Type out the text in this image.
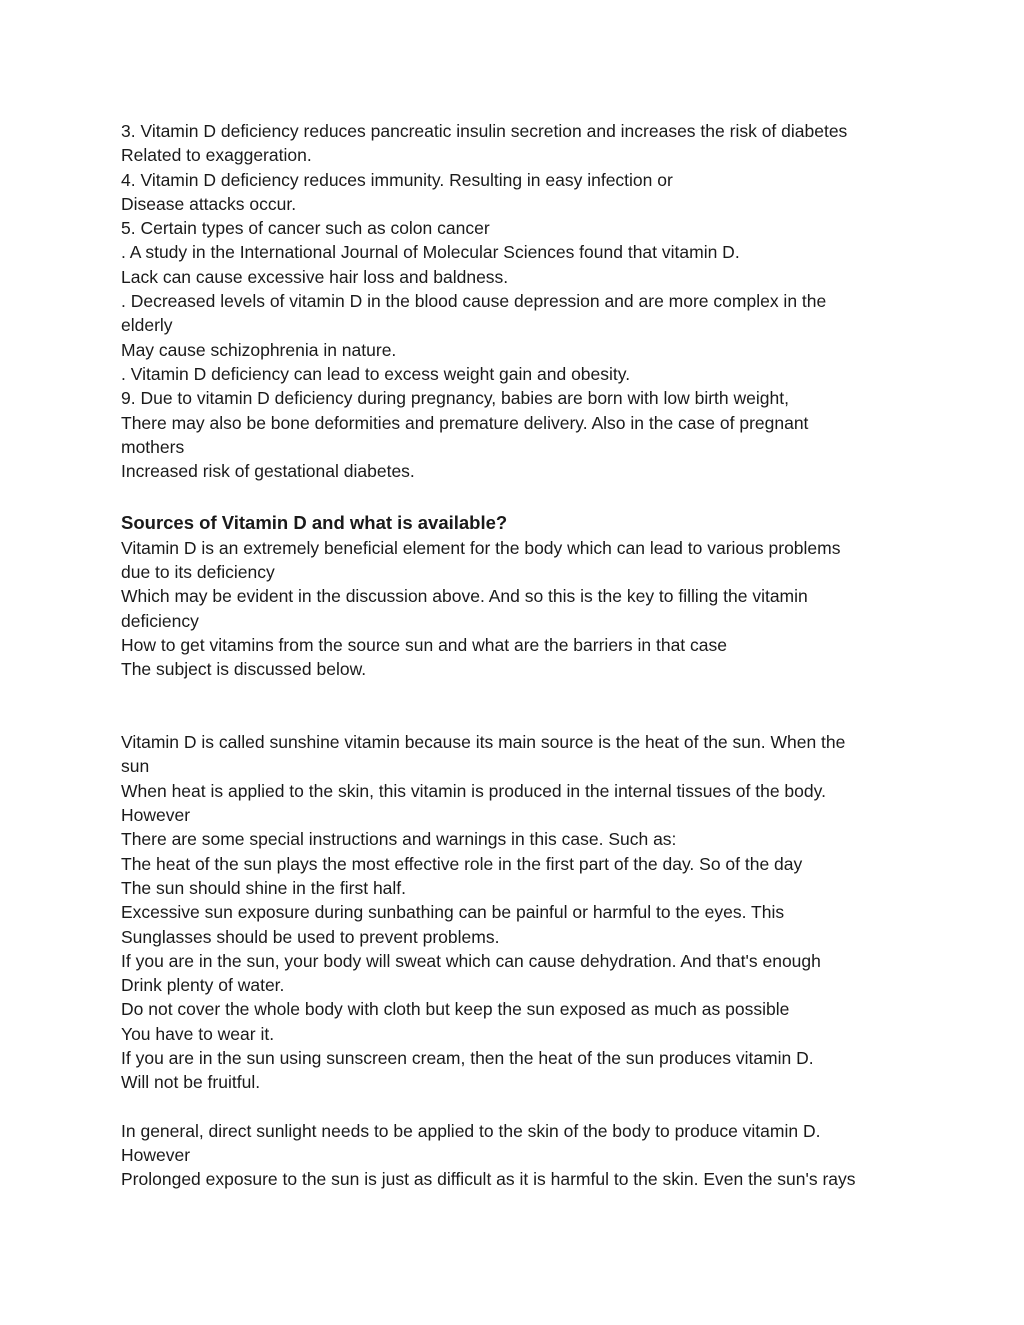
3. Vitamin D deficiency reduces pancreatic insulin secretion and increases the risk of diabetes
Related to exaggeration.
4. Vitamin D deficiency reduces immunity. Resulting in easy infection or
Disease attacks occur.
5. Certain types of cancer such as colon cancer
. A study in the International Journal of Molecular Sciences found that vitamin D.
Lack can cause excessive hair loss and baldness.
. Decreased levels of vitamin D in the blood cause depression and are more complex in the
elderly
May cause schizophrenia in nature.
. Vitamin D deficiency can lead to excess weight gain and obesity.
9. Due to vitamin D deficiency during pregnancy, babies are born with low birth weight,
There may also be bone deformities and premature delivery. Also in the case of pregnant
mothers
Increased risk of gestational diabetes.
Sources of Vitamin D and what is available?
Vitamin D is an extremely beneficial element for the body which can lead to various problems
due to its deficiency
Which may be evident in the discussion above. And so this is the key to filling the vitamin
deficiency
How to get vitamins from the source sun and what are the barriers in that case
The subject is discussed below.
Vitamin D is called sunshine vitamin because its main source is the heat of the sun. When the
sun
When heat is applied to the skin, this vitamin is produced in the internal tissues of the body.
However
There are some special instructions and warnings in this case. Such as:
The heat of the sun plays the most effective role in the first part of the day. So of the day
The sun should shine in the first half.
Excessive sun exposure during sunbathing can be painful or harmful to the eyes. This
Sunglasses should be used to prevent problems.
If you are in the sun, your body will sweat which can cause dehydration. And that's enough
Drink plenty of water.
Do not cover the whole body with cloth but keep the sun exposed as much as possible
You have to wear it.
If you are in the sun using sunscreen cream, then the heat of the sun produces vitamin D.
Will not be fruitful.
In general, direct sunlight needs to be applied to the skin of the body to produce vitamin D.
However
Prolonged exposure to the sun is just as difficult as it is harmful to the skin. Even the sun's rays
